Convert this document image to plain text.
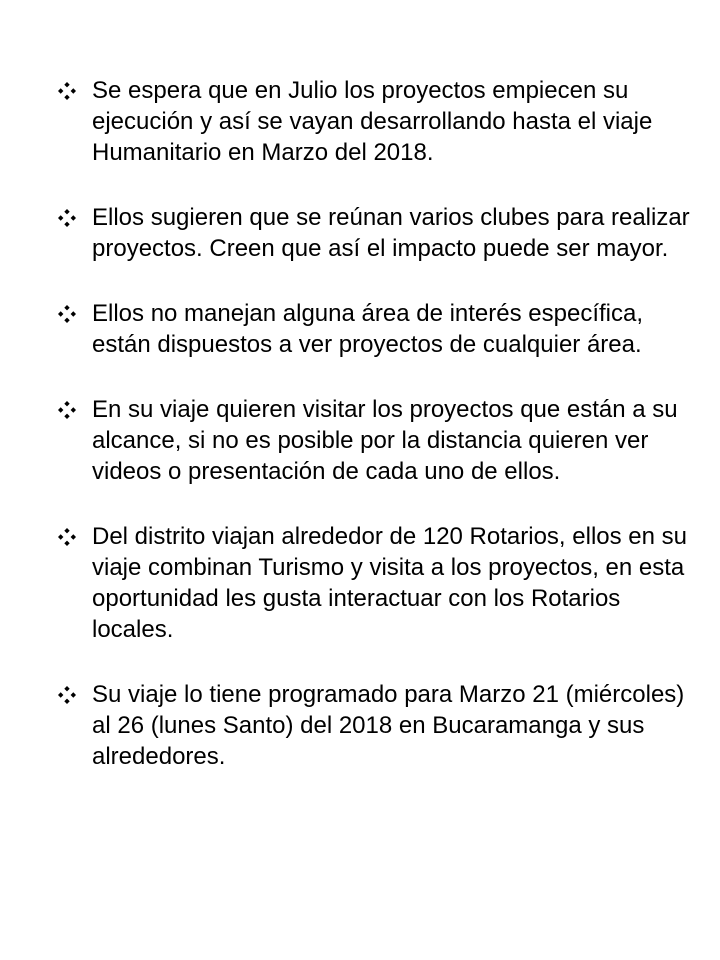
Se espera que en Julio los proyectos empiecen su ejecución y así se vayan desarrollando hasta el viaje Humanitario en Marzo del 2018.
Ellos sugieren que se reúnan varios clubes para realizar proyectos. Creen que así el impacto puede ser mayor.
Ellos no manejan alguna área de interés específica, están dispuestos a ver proyectos de cualquier área.
En su viaje quieren visitar los proyectos que están a su alcance, si no es posible por la distancia quieren ver videos o presentación de cada uno de ellos.
Del distrito viajan alrededor de 120 Rotarios, ellos en su viaje combinan Turismo y visita a los proyectos, en esta oportunidad les gusta interactuar con los Rotarios locales.
Su viaje lo tiene programado para Marzo 21 (miércoles) al 26 (lunes Santo) del 2018 en Bucaramanga y sus alrededores.
